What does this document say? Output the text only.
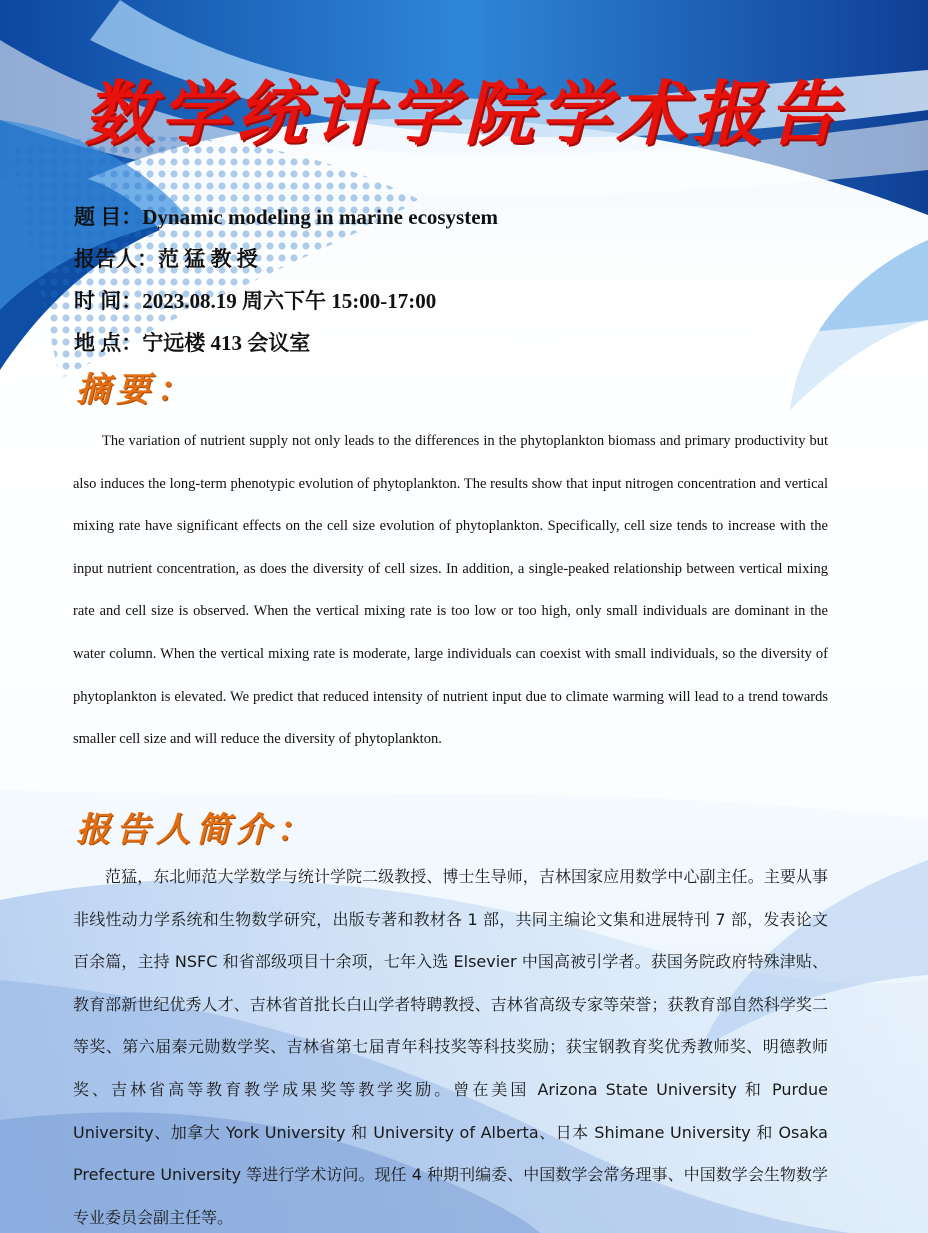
数学统计学院学术报告
题 目：Dynamic modeling in marine ecosystem
报告人：范 猛 教 授
时 间：2023.08.19 周六下午 15:00-17:00
地 点：宁远楼 413 会议室
摘要：

The variation of nutrient supply not only leads to the differences in the phytoplankton biomass and primary productivity but also induces the long-term phenotypic evolution of phytoplankton. The results show that input nitrogen concentration and vertical mixing rate have significant effects on the cell size evolution of phytoplankton. Specifically, cell size tends to increase with the input nutrient concentration, as does the diversity of cell sizes. In addition, a single-peaked relationship between vertical mixing rate and cell size is observed. When the vertical mixing rate is too low or too high, only small individuals are dominant in the water column. When the vertical mixing rate is moderate, large individuals can coexist with small individuals, so the diversity of phytoplankton is elevated. We predict that reduced intensity of nutrient input due to climate warming will lead to a trend towards smaller cell size and will reduce the diversity of phytoplankton.

报告人简介：

范猛，东北师范大学数学与统计学院二级教授、博士生导师，吉林国家应用数学中心副主任。主要从事非线性动力学系统和生物数学研究，出版专著和教材各 1 部，共同主编论文集和进展特刊 7 部，发表论文百余篇，主持 NSFC 和省部级项目十余项，七年入选 Elsevier 中国高被引学者。获国务院政府特殊津贴、教育部新世纪优秀人才、吉林省首批长白山学者特聘教授、吉林省高级专家等荣誉；获教育部自然科学奖二等奖、第六届秦元勋数学奖、吉林省第七届青年科技奖等科技奖励；获宝钢教育奖优秀教师奖、明德教师奖、吉林省高等教育教学成果奖等教学奖励。曾在美国 Arizona State University 和 Purdue University、加拿大 York University 和 University of Alberta、日本 Shimane University 和 Osaka Prefecture University 等进行学术访问。现任 4 种期刊编委、中国数学会常务理事、中国数学会生物数学专业委员会副主任等。
